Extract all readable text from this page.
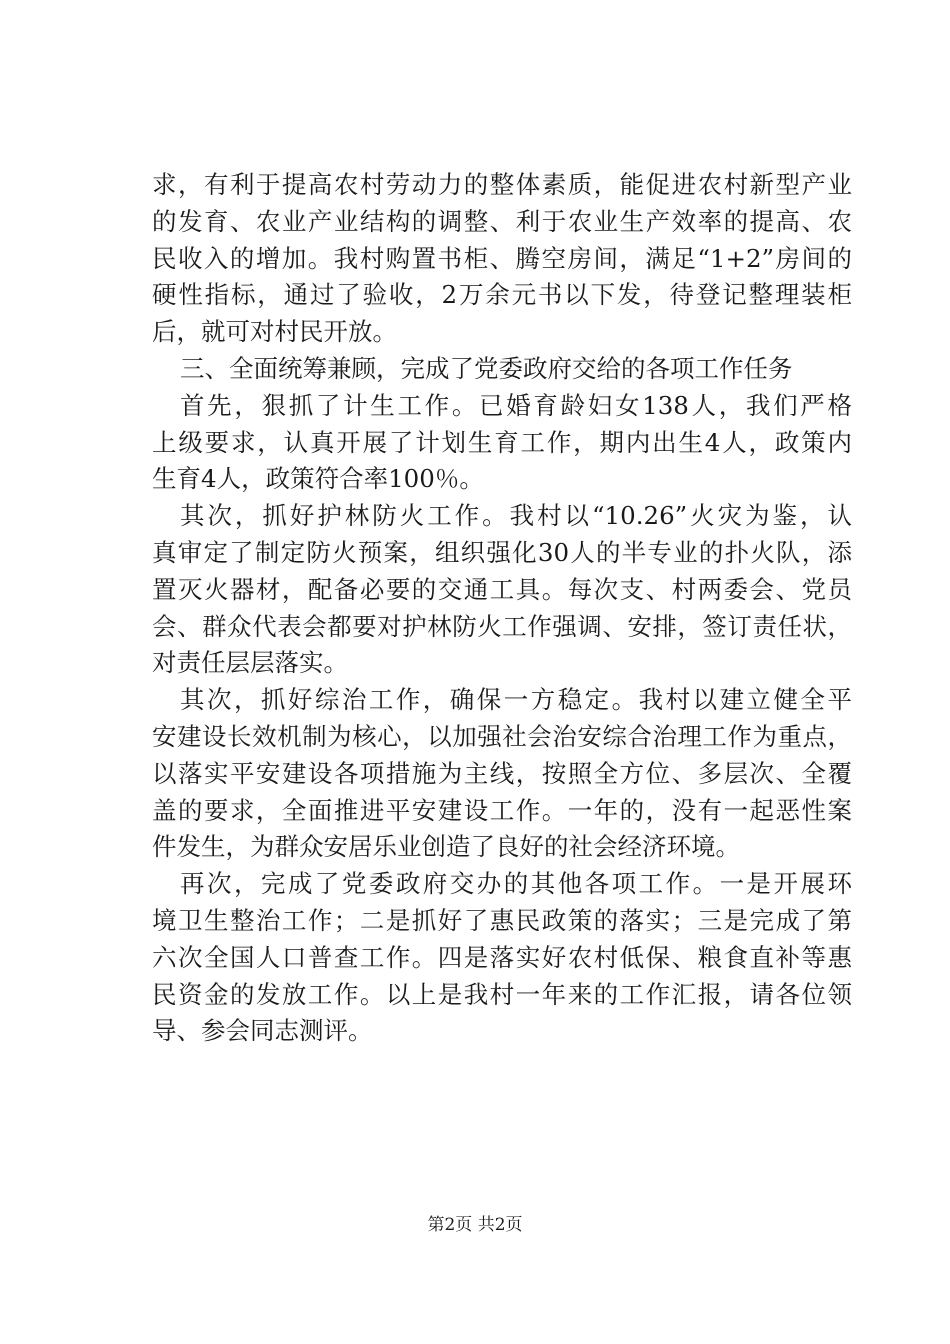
求，有利于提高农村劳动力的整体素质，能促进农村新型产业
的发育、农业产业结构的调整、利于农业生产效率的提高、农
民收入的增加。我村购置书柜、腾空房间，满足“1+2”房间的
硬性指标，通过了验收，2万余元书以下发，待登记整理装柜
后，就可对村民开放。
三、全面统筹兼顾，完成了党委政府交给的各项工作任务
首先，狠抓了计生工作。已婚育龄妇女138人，我们严格
上级要求，认真开展了计划生育工作，期内出生4人，政策内
生育4人，政策符合率100％。
其次，抓好护林防火工作。我村以“10.26”火灾为鉴，认
真审定了制定防火预案，组织强化30人的半专业的扑火队，添
置灭火器材，配备必要的交通工具。每次支、村两委会、党员
会、群众代表会都要对护林防火工作强调、安排，签订责任状，
对责任层层落实。
其次，抓好综治工作，确保一方稳定。我村以建立健全平
安建设长效机制为核心，以加强社会治安综合治理工作为重点，
以落实平安建设各项措施为主线，按照全方位、多层次、全覆
盖的要求，全面推进平安建设工作。一年的，没有一起恶性案
件发生，为群众安居乐业创造了良好的社会经济环境。
再次，完成了党委政府交办的其他各项工作。一是开展环
境卫生整治工作；二是抓好了惠民政策的落实；三是完成了第
六次全国人口普查工作。四是落实好农村低保、粮食直补等惠
民资金的发放工作。以上是我村一年来的工作汇报，请各位领
导、参会同志测评。
第2页 共2页
